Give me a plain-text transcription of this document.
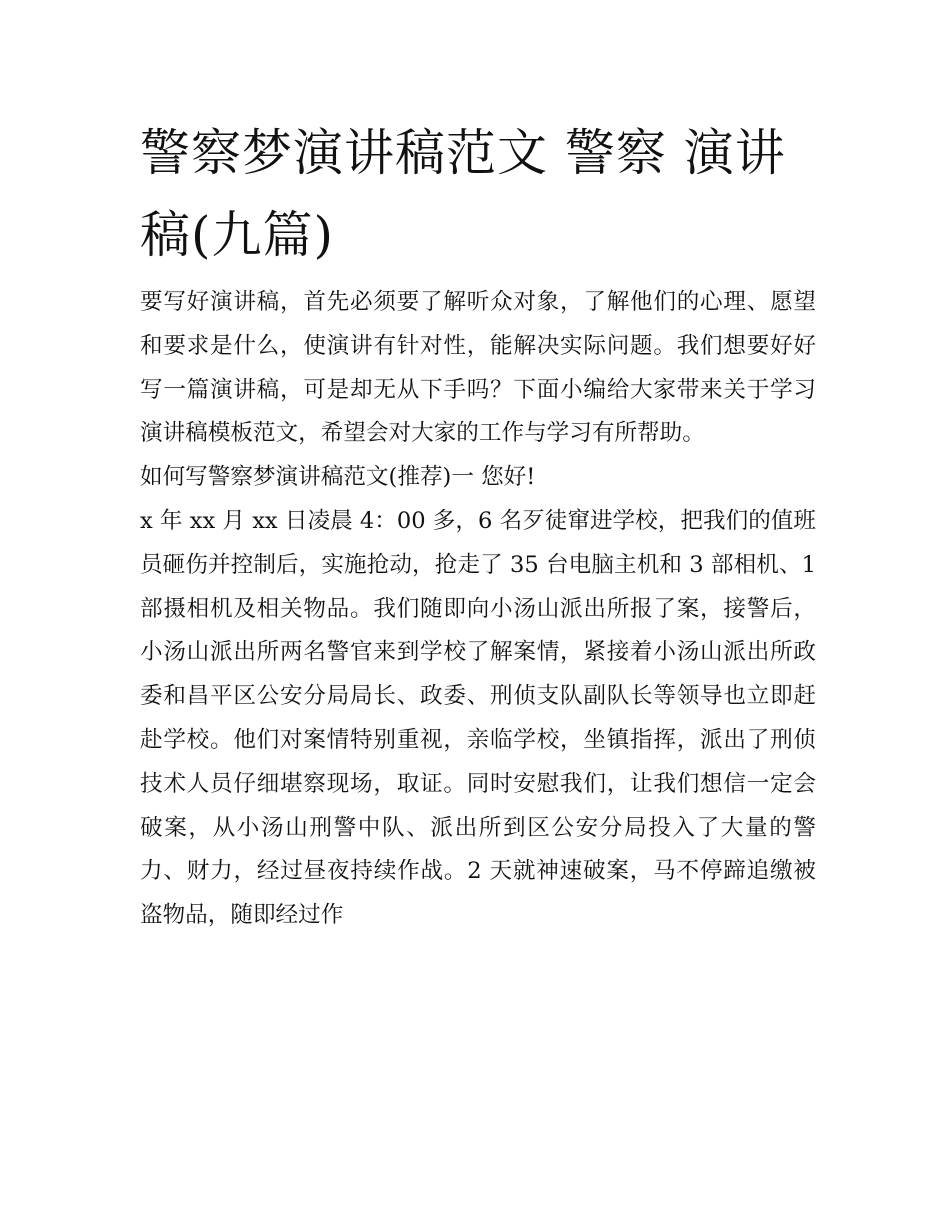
警察梦演讲稿范文 警察 演讲稿(九篇)

要写好演讲稿，首先必须要了解听众对象，了解他们的心理、愿望和要求是什么，使演讲有针对性，能解决实际问题。我们想要好好写一篇演讲稿，可是却无从下手吗？下面小编给大家带来关于学习演讲稿模板范文，希望会对大家的工作与学习有所帮助。

如何写警察梦演讲稿范文(推荐)一 您好!

x 年 xx 月 xx 日凌晨 4：00 多，6 名歹徒窜进学校，把我们的值班员砸伤并控制后，实施抢动，抢走了 35 台电脑主机和 3 部相机、1 部摄相机及相关物品。我们随即向小汤山派出所报了案，接警后，小汤山派出所两名警官来到学校了解案情，紧接着小汤山派出所政委和昌平区公安分局局长、政委、刑侦支队副队长等领导也立即赶赴学校。他们对案情特别重视，亲临学校，坐镇指挥，派出了刑侦技术人员仔细堪察现场，取证。同时安慰我们，让我们想信一定会破案，从小汤山刑警中队、派出所到区公安分局投入了大量的警力、财力，经过昼夜持续作战。2 天就神速破案，马不停蹄追缴被盗物品，随即经过作
